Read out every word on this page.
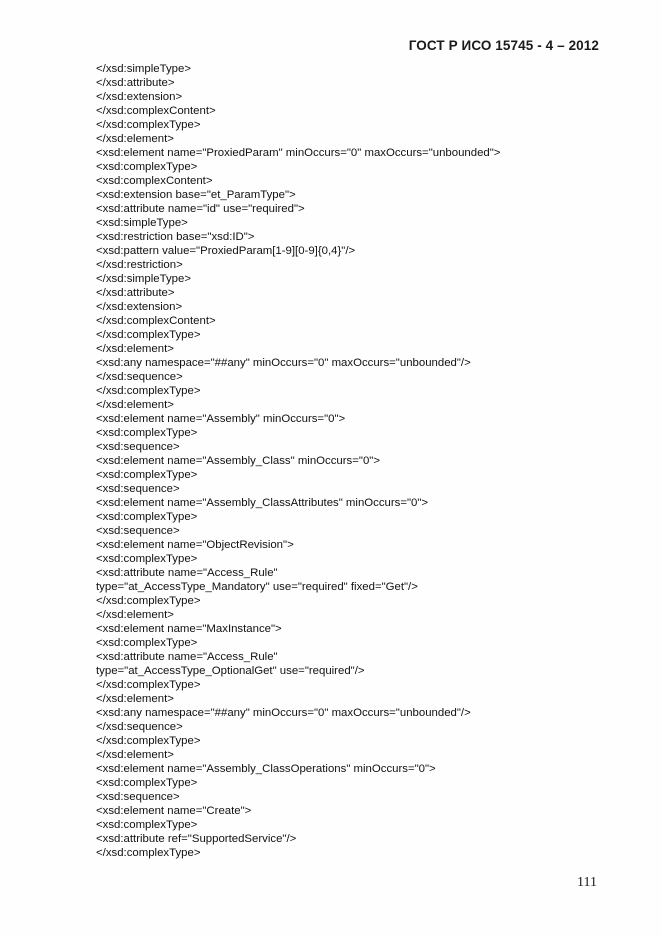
ГОСТ Р ИСО 15745 - 4 – 2012
</xsd:simpleType>
</xsd:attribute>
</xsd:extension>
</xsd:complexContent>
</xsd:complexType>
</xsd:element>
<xsd:element name="ProxiedParam" minOccurs="0" maxOccurs="unbounded">
<xsd:complexType>
<xsd:complexContent>
<xsd:extension base="et_ParamType">
<xsd:attribute name="id" use="required">
<xsd:simpleType>
<xsd:restriction base="xsd:ID">
<xsd:pattern value="ProxiedParam[1-9][0-9]{0,4}"/>
</xsd:restriction>
</xsd:simpleType>
</xsd:attribute>
</xsd:extension>
</xsd:complexContent>
</xsd:complexType>
</xsd:element>
<xsd:any namespace="##any" minOccurs="0" maxOccurs="unbounded"/>
</xsd:sequence>
</xsd:complexType>
</xsd:element>
<xsd:element name="Assembly" minOccurs="0">
<xsd:complexType>
<xsd:sequence>
<xsd:element name="Assembly_Class" minOccurs="0">
<xsd:complexType>
<xsd:sequence>
<xsd:element name="Assembly_ClassAttributes" minOccurs="0">
<xsd:complexType>
<xsd:sequence>
<xsd:element name="ObjectRevision">
<xsd:complexType>
<xsd:attribute name="Access_Rule"
type="at_AccessType_Mandatory" use="required" fixed="Get"/>
</xsd:complexType>
</xsd:element>
<xsd:element name="MaxInstance">
<xsd:complexType>
<xsd:attribute name="Access_Rule"
type="at_AccessType_OptionalGet" use="required"/>
</xsd:complexType>
</xsd:element>
<xsd:any namespace="##any" minOccurs="0" maxOccurs="unbounded"/>
</xsd:sequence>
</xsd:complexType>
</xsd:element>
<xsd:element name="Assembly_ClassOperations" minOccurs="0">
<xsd:complexType>
<xsd:sequence>
<xsd:element name="Create">
<xsd:complexType>
<xsd:attribute ref="SupportedService"/>
</xsd:complexType>
111
